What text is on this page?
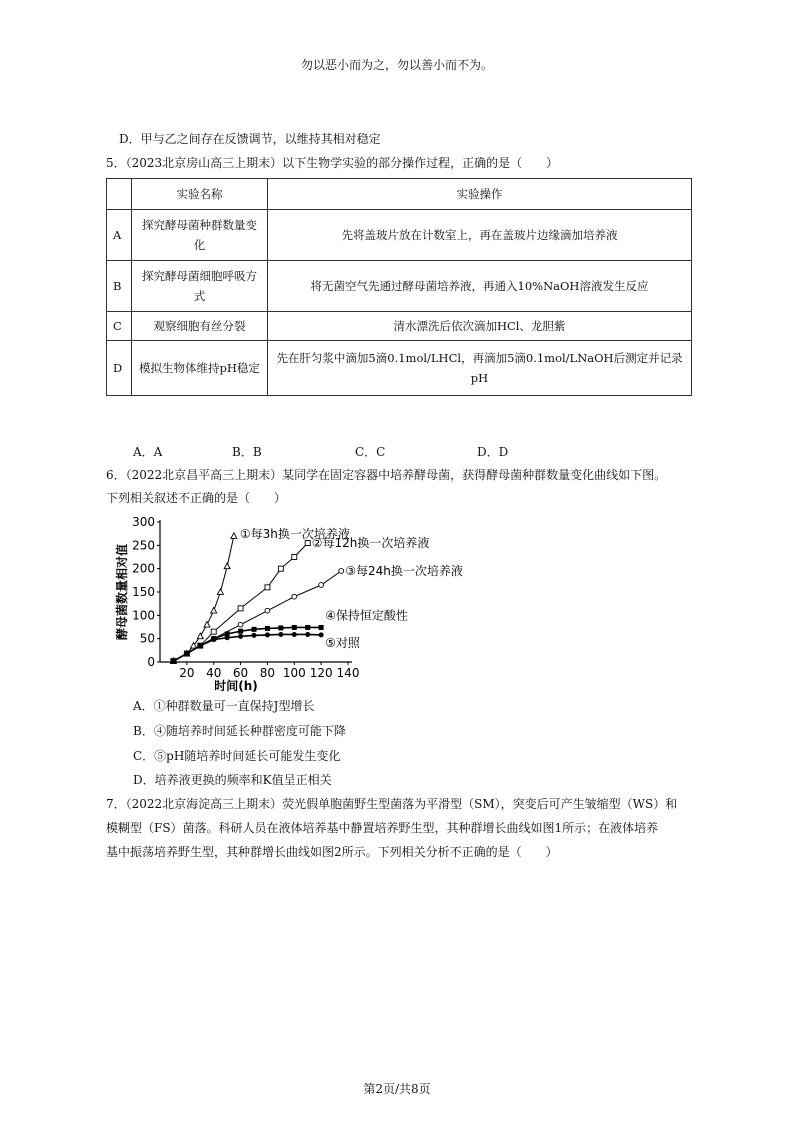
勿以恶小而为之，勿以善小而不为。
D．甲与乙之间存在反馈调节，以维持其相对稳定
5．（2023北京房山高三上期末）以下生物学实验的部分操作过程，正确的是（　　）
	实验名称	实验操作
A	探究酵母菌种群数量变化	先将盖玻片放在计数室上，再在盖玻片边缘滴加培养液
B	探究酵母菌细胞呼吸方式	将无菌空气先通过酵母菌培养液，再通入10%NaOH溶液发生反应
C	观察细胞有丝分裂	清水漂洗后依次滴加HCl、龙胆紫
D	模拟生物体维持pH稳定	先在肝匀浆中滴加5滴0.1mol/LHCl，再滴加5滴0.1mol/LNaOH后测定并记录pH
A．A	B．B	C．C	D．D
6．（2022北京昌平高三上期末）某同学在固定容器中培养酵母菌，获得酵母菌种群数量变化曲线如下图。
下列相关叙述不正确的是（　　）
0
50
100
150
200
250
300
20 40 60 80 100 120 140
时间(h)
酵母菌数量相对值
①每3h换一次培养液
②每12h换一次培养液
③每24h换一次培养液
④保持恒定酸性
⑤对照
A．①种群数量可一直保持J型增长
B．④随培养时间延长种群密度可能下降
C．⑤pH随培养时间延长可能发生变化
D．培养液更换的频率和K值呈正相关
7．（2022北京海淀高三上期末）荧光假单胞菌野生型菌落为平滑型（SM），突变后可产生皱缩型（WS）和
模糊型（FS）菌落。科研人员在液体培养基中静置培养野生型，其种群增长曲线如图1所示；在液体培养
基中振荡培养野生型，其种群增长曲线如图2所示。下列相关分析不正确的是（　　）
第2页/共8页
